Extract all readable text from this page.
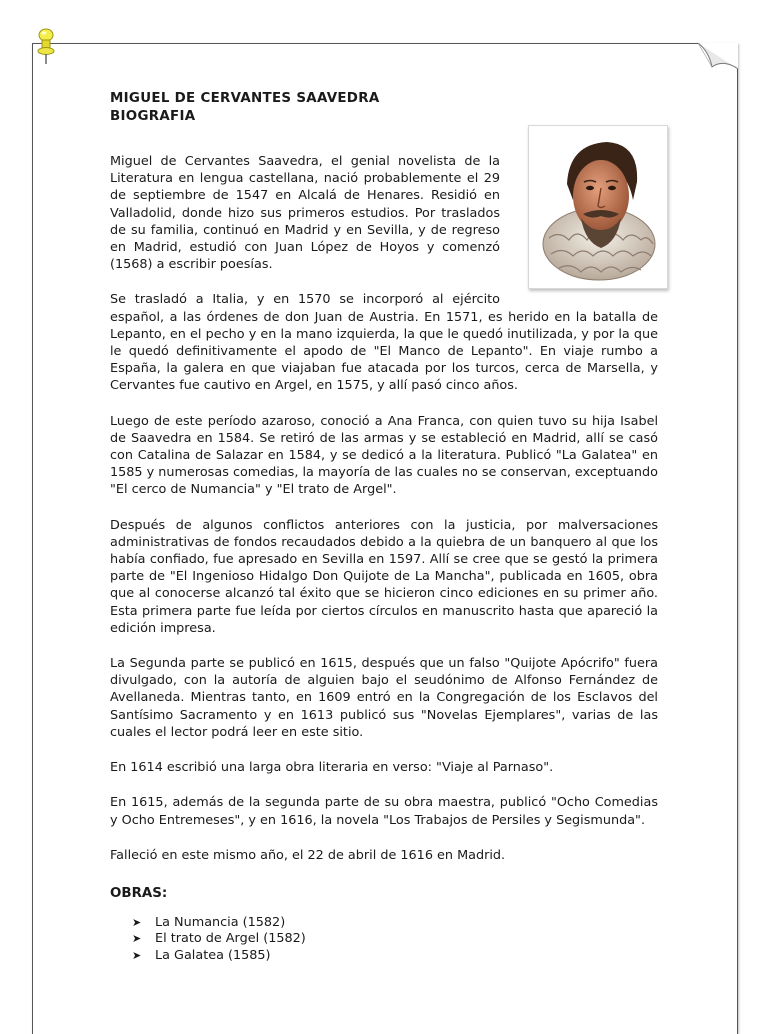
MIGUEL DE CERVANTES SAAVEDRA
BIOGRAFIA

Miguel de Cervantes Saavedra, el genial novelista de la Literatura en lengua castellana, nació probablemente el 29 de septiembre de 1547 en Alcalá de Henares. Residió en Valladolid, donde hizo sus primeros estudios. Por traslados de su familia, continuó en Madrid y en Sevilla, y de regreso en Madrid, estudió con Juan López de Hoyos y comenzó (1568) a escribir poesías.

Se trasladó a Italia, y en 1570 se incorporó al ejército español, a las órdenes de don Juan de Austria. En 1571, es herido en la batalla de Lepanto, en el pecho y en la mano izquierda, la que le quedó inutilizada, y por la que le quedó definitivamente el apodo de "El Manco de Lepanto". En viaje rumbo a España, la galera en que viajaban fue atacada por los turcos, cerca de Marsella, y Cervantes fue cautivo en Argel, en 1575, y allí pasó cinco años.

Luego de este período azaroso, conoció a Ana Franca, con quien tuvo su hija Isabel de Saavedra en 1584. Se retiró de las armas y se estableció en Madrid, allí se casó con Catalina de Salazar en 1584, y se dedicó a la literatura. Publicó "La Galatea" en 1585 y numerosas comedias, la mayoría de las cuales no se conservan, exceptuando "El cerco de Numancia" y "El trato de Argel".

Después de algunos conflictos anteriores con la justicia, por malversaciones administrativas de fondos recaudados debido a la quiebra de un banquero al que los había confiado, fue apresado en Sevilla en 1597. Allí se cree que se gestó la primera parte de "El Ingenioso Hidalgo Don Quijote de La Mancha", publicada en 1605, obra que al conocerse alcanzó tal éxito que se hicieron cinco ediciones en su primer año. Esta primera parte fue leída por ciertos círculos en manuscrito hasta que apareció la edición impresa.

La Segunda parte se publicó en 1615, después que un falso "Quijote Apócrifo" fuera divulgado, con la autoría de alguien bajo el seudónimo de Alfonso Fernández de Avellaneda. Mientras tanto, en 1609 entró en la Congregación de los Esclavos del Santísimo Sacramento y en 1613 publicó sus "Novelas Ejemplares", varias de las cuales el lector podrá leer en este sitio.

En 1614 escribió una larga obra literaria en verso: "Viaje al Parnaso".

En 1615, además de la segunda parte de su obra maestra, publicó "Ocho Comedias y Ocho Entremeses", y en 1616, la novela "Los Trabajos de Persiles y Segismunda".

Falleció en este mismo año, el 22 de abril de 1616 en Madrid.

OBRAS:
➤ La Numancia (1582)
➤ El trato de Argel (1582)
➤ La Galatea (1585)
